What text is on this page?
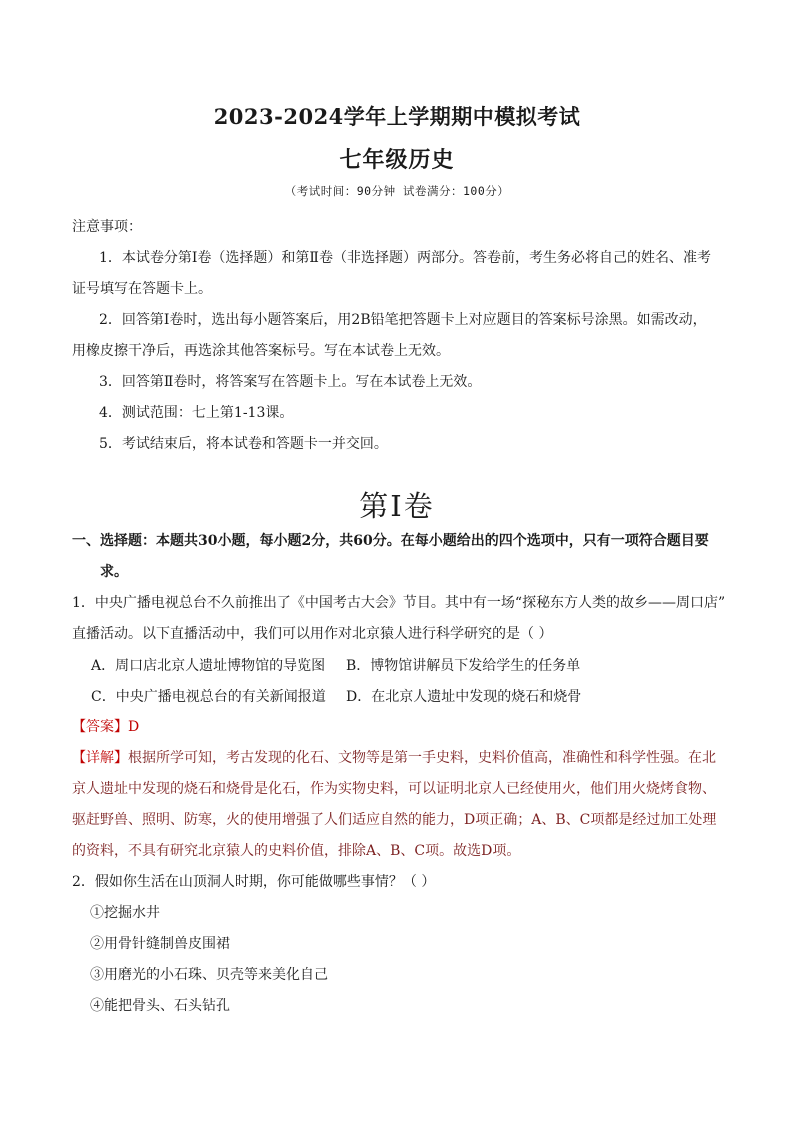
2023-2024学年上学期期中模拟考试
七年级历史
（考试时间：90分钟 试卷满分：100分）
注意事项：
1．本试卷分第Ⅰ卷（选择题）和第Ⅱ卷（非选择题）两部分。答卷前，考生务必将自己的姓名、准考
证号填写在答题卡上。
2．回答第Ⅰ卷时，选出每小题答案后，用2B铅笔把答题卡上对应题目的答案标号涂黑。如需改动，
用橡皮擦干净后，再选涂其他答案标号。写在本试卷上无效。
3．回答第Ⅱ卷时，将答案写在答题卡上。写在本试卷上无效。
4．测试范围：七上第1-13课。
5．考试结束后，将本试卷和答题卡一并交回。
第Ⅰ卷
一、选择题：本题共30小题，每小题2分，共60分。在每小题给出的四个选项中，只有一项符合题目要
求。
1．中央广播电视总台不久前推出了《中国考古大会》节目。其中有一场“探秘东方人类的故乡——周口店”
直播活动。以下直播活动中，我们可以用作对北京猿人进行科学研究的是（ ）
A．周口店北京人遗址博物馆的导览图 B．博物馆讲解员下发给学生的任务单
C．中央广播电视总台的有关新闻报道 D．在北京人遗址中发现的烧石和烧骨
【答案】D
【详解】根据所学可知，考古发现的化石、文物等是第一手史料，史料价值高，准确性和科学性强。在北
京人遗址中发现的烧石和烧骨是化石，作为实物史料，可以证明北京人已经使用火，他们用火烧烤食物、
驱赶野兽、照明、防寒，火的使用增强了人们适应自然的能力，D项正确；A、B、C项都是经过加工处理
的资料，不具有研究北京猿人的史料价值，排除A、B、C项。故选D项。
2．假如你生活在山顶洞人时期，你可能做哪些事情？（ ）
①挖掘水井
②用骨针缝制兽皮围裙
③用磨光的小石珠、贝壳等来美化自己
④能把骨头、石头钻孔
